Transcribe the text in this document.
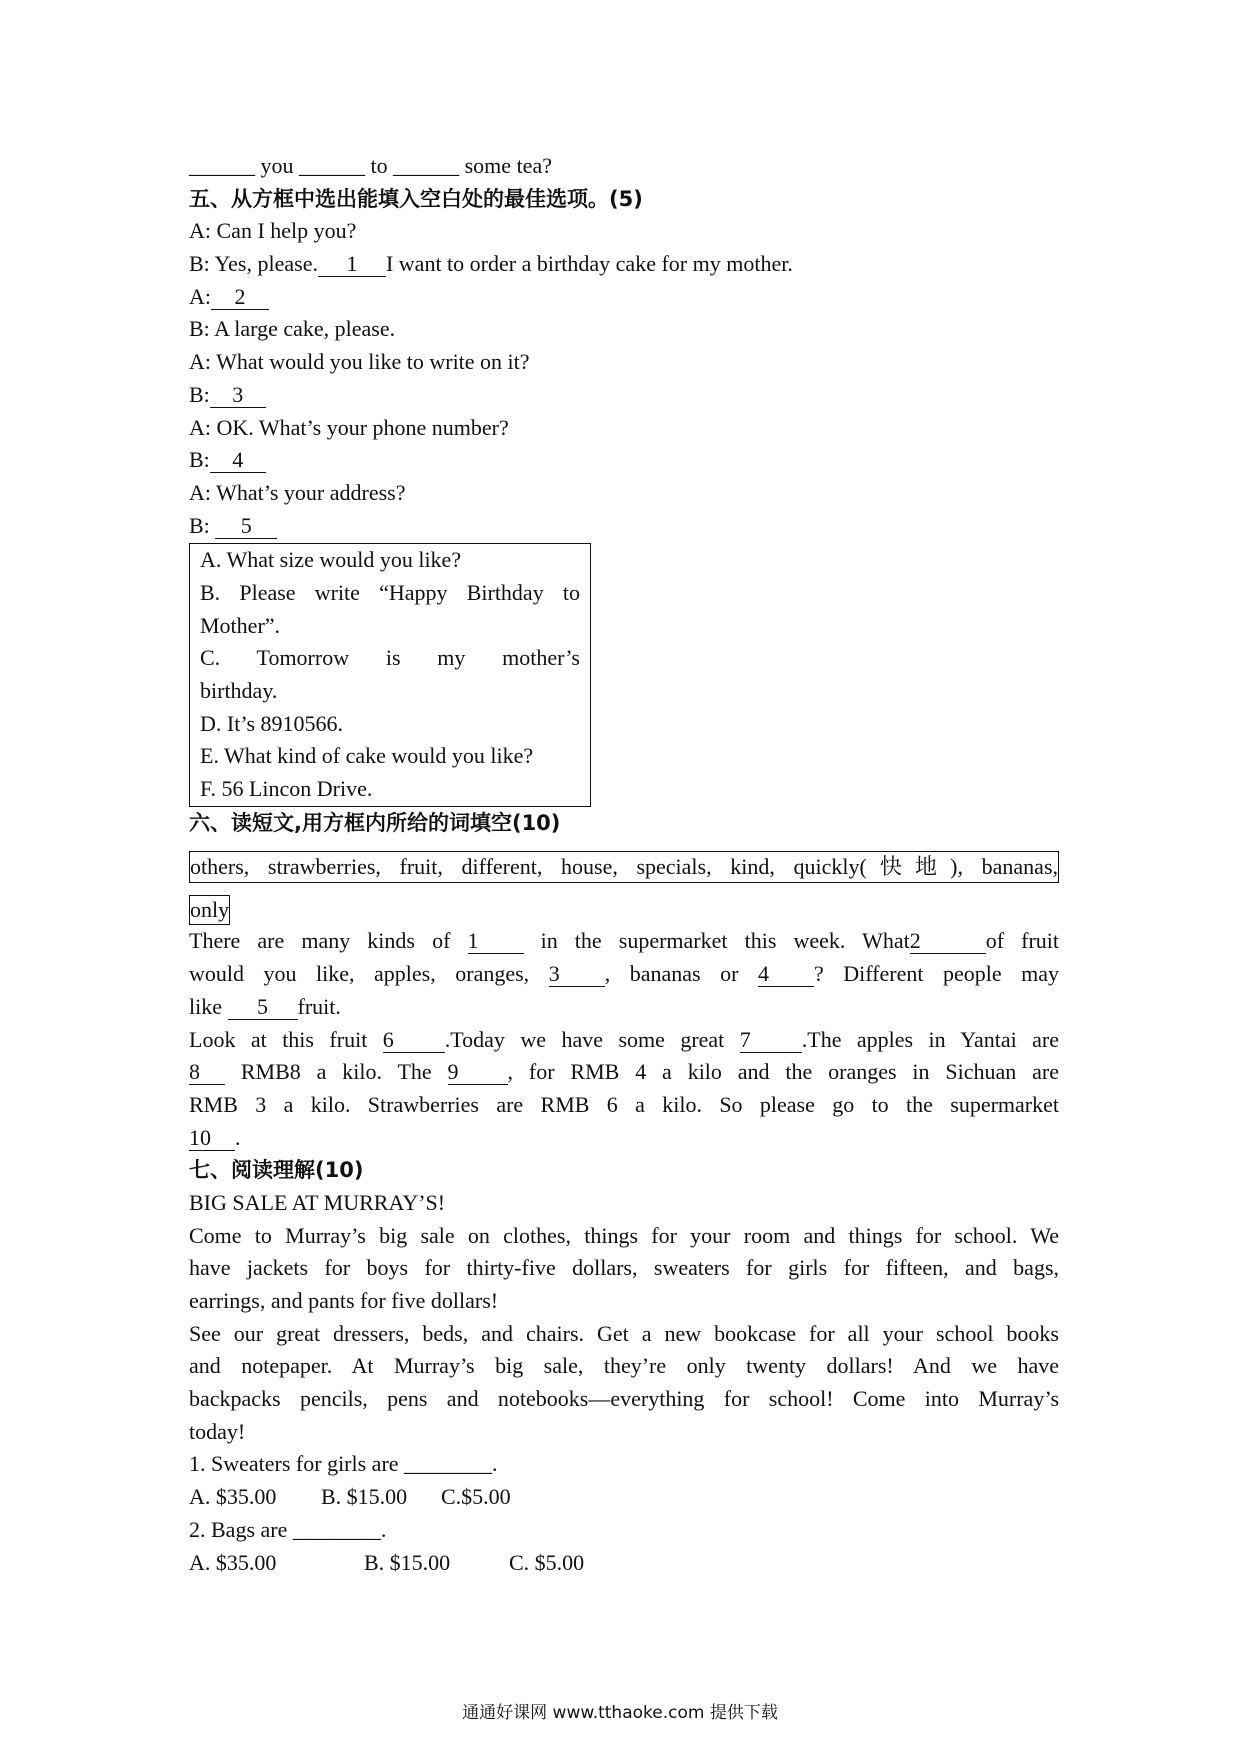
______ you ______ to ______ some tea?
五、从方框中选出能填入空白处的最佳选项。(5)
A: Can I help you?
B: Yes, please. 1 I want to order a birthday cake for my mother.
A: 2
B: A large cake, please.
A: What would you like to write on it?
B: 3
A: OK. What’s your phone number?
B: 4
A: What’s your address?
B: 5
A. What size would you like?
B. Please write “Happy Birthday to
Mother”.
C. Tomorrow is my mother’s
birthday.
D. It’s 8910566.
E. What kind of cake would you like?
F. 56 Lincon Drive.
六、读短文,用方框内所给的词填空(10)
others, strawberries, fruit, different, house, specials, kind, quickly(快地), bananas,
only
There are many kinds of 1	in the supermarket this week. What2	of fruit
would you like, apples, oranges, 3 , bananas or 4 ? Different people may
like 5 fruit.
Look at this fruit 6 .Today we have some great 7 .The apples in Yantai are
8 RMB8 a kilo. The 9 , for RMB 4 a kilo and the oranges in Sichuan are
RMB 3 a kilo. Strawberries are RMB 6 a kilo. So please go to the supermarket
10 .
七、阅读理解(10)
BIG SALE AT MURRAY’S!
Come to Murray’s big sale on clothes, things for your room and things for school. We
have jackets for boys for thirty-five dollars, sweaters for girls for fifteen, and bags,
earrings, and pants for five dollars!
See our great dressers, beds, and chairs. Get a new bookcase for all your school books
and notepaper. At Murray’s big sale, they’re only twenty dollars! And we have
backpacks pencils, pens and notebooks—everything for school! Come into Murray’s
today!
1. Sweaters for girls are ________.
A. $35.00 B. $15.00 C.$5.00
2. Bags are ________.
A. $35.00	B. $15.00	C. $5.00
通通好课网 www.tthaoke.com 提供下载
